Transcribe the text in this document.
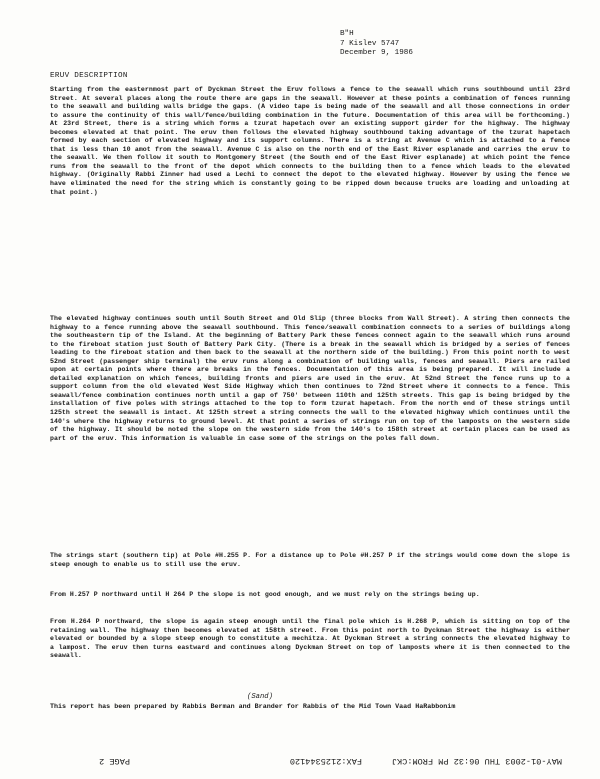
B"H
7 Kislev 5747
December 9, 1986
ERUV DESCRIPTION

Starting from the easternmost part of Dyckman Street the Eruv follows a fence to the seawall which runs southbound until 23rd Street. At several places along the route there are gaps in the seawall. However at these points a combination of fences running to the seawall and building walls bridge the gaps. (A video tape is being made of the seawall and all those connections in order to assure the continuity of this wall/fence/building combination in the future. Documentation of this area will be forthcoming.) At 23rd Street, there is a string which forms a tzurat hapetach over an existing support girder for the highway. The highway becomes elevated at that point. The eruv then follows the elevated highway southbound taking advantage of the tzurat hapetach formed by each section of elevated highway and its support columns. There is a string at Avenue C which is attached to a fence that is less than 10 amot from the seawall. Avenue C is also on the north end of the East River esplanade and carries the eruv to the seawall. We then follow it south to Montgomery Street (the South end of the East River esplanade) at which point the fence runs from the seawall to the front of the depot which connects to the building then to a fence which leads to the elevated highway. (Originally Rabbi Zinner had used a Lechi to connect the depot to the elevated highway. However by using the fence we have eliminated the need for the string which is constantly going to be ripped down because trucks are loading and unloading at that point.)

The elevated highway continues south until South Street and Old Slip (three blocks from Wall Street). A string then connects the highway to a fence running above the seawall southbound. This fence/seawall combination connects to a series of buildings along the southeastern tip of the Island. At the beginning of Battery Park these fences connect again to the seawall which runs around to the fireboat station just South of Battery Park City. (There is a break in the seawall which is bridged by a series of fences leading to the fireboat station and then back to the seawall at the northern side of the building.) From this point north to west 52nd Street (passenger ship terminal) the eruv runs along a combination of building walls, fences and seawall. Piers are railed upon at certain points where there are breaks in the fences. Documentation of this area is being prepared. It will include a detailed explanation on which fences, building fronts and piers are used in the eruv. At 52nd Street the fence runs up to a support column from the old elevated West Side Highway which then continues to 72nd Street where it connects to a fence. This seawall/fence combination continues north until a gap of 750' between 110th and 125th streets. This gap is being bridged by the installation of five poles with strings attached to the top to form tzurat hapetach. From the north end of these strings until 125th street the seawall is intact. At 125th street a string connects the wall to the elevated highway which continues until the 140's where the highway returns to ground level. At that point a series of strings run on top of the lamposts on the western side of the highway. It should be noted the slope on the western side from the 140's to 158th street at certain places can be used as part of the eruv. This information is valuable in case some of the strings on the poles fall down.

The strings start (southern tip) at Pole #H.255 P. For a distance up to Pole #H.257 P if the strings would come down the slope is steep enough to enable us to still use the eruv.

From H.257 P northward until H 264 P the slope is not good enough, and we must rely on the strings being up.

From H.264 P northward, the slope is again steep enough until the final pole which is H.268 P, which is sitting on top of the retaining wall. The highway then becomes elevated at 158th street. From this point north to Dyckman Street the highway is either elevated or bounded by a slope steep enough to constitute a mechitza. At Dyckman Street a string connects the elevated highway to a lampost. The eruv then turns eastward and continues along Dyckman Street on top of lamposts where it is then connected to the seawall.

(Sand)
This report has been prepared by Rabbis Berman and Brander for Rabbis of the Mid Town Vaad HaRabbonim
MAY-01-2003 THU 06:32 PM FROM:CKJ
FAX:2125344120
PAGE 2
